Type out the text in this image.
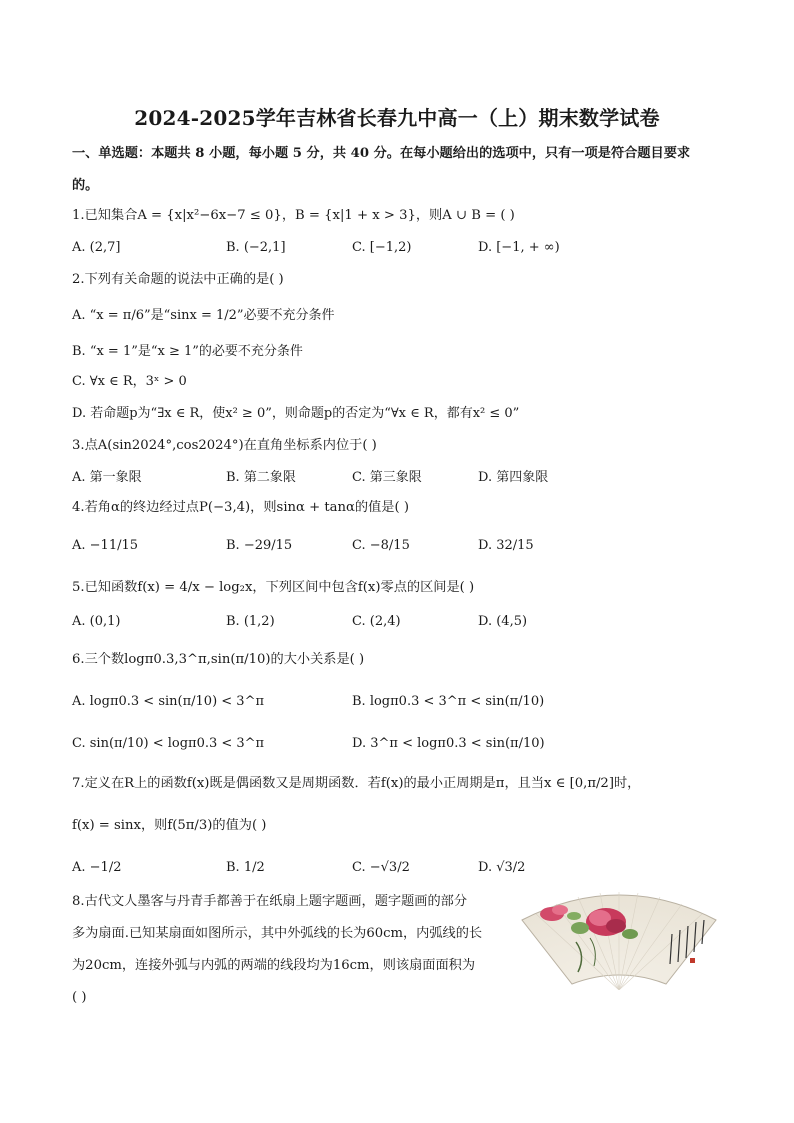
2024-2025学年吉林省长春九中高一（上）期末数学试卷
一、单选题：本题共 8 小题，每小题 5 分，共 40 分。在每小题给出的选项中，只有一项是符合题目要求
的。
1.已知集合A = {x|x²−6x−7 ≤ 0}，B = {x|1 + x > 3}，则A ∪ B = ( )
A. (2,7]	B. (−2,1]	C. [−1,2)	D. [−1, + ∞)
2.下列有关命题的说法中正确的是( )
A. “x = π/6”是“sinx = 1/2”必要不充分条件
B. “x = 1”是“x ≥ 1”的必要不充分条件
C. ∀x ∈ R，3ˣ > 0
D. 若命题p为“∃x ∈ R，使x² ≥ 0”，则命题p的否定为“∀x ∈ R，都有x² ≤ 0”
3.点A(sin2024°,cos2024°)在直角坐标系内位于( )
A. 第一象限	B. 第二象限	C. 第三象限	D. 第四象限
4.若角α的终边经过点P(−3,4)，则sinα + tanα的值是( )
A. −11/15	B. −29/15	C. −8/15	D. 32/15
5.已知函数f(x) = 4/x − log₂x，下列区间中包含f(x)零点的区间是( )
A. (0,1)	B. (1,2)	C. (2,4)	D. (4,5)
6.三个数logπ0.3,3^π,sin(π/10)的大小关系是( )
A. logπ0.3 < sin(π/10) < 3^π	B. logπ0.3 < 3^π < sin(π/10)
C. sin(π/10) < logπ0.3 < 3^π	D. 3^π < logπ0.3 < sin(π/10)
7.定义在R上的函数f(x)既是偶函数又是周期函数．若f(x)的最小正周期是π，且当x ∈ [0,π/2]时，
f(x) = sinx，则f(5π/3)的值为( )
A. −1/2	B. 1/2	C. −√3/2	D. √3/2
8.古代文人墨客与丹青手都善于在纸扇上题字题画，题字题画的部分
多为扇面.已知某扇面如图所示，其中外弧线的长为60cm，内弧线的长
为20cm，连接外弧与内弧的两端的线段均为16cm，则该扇面面积为
( )
